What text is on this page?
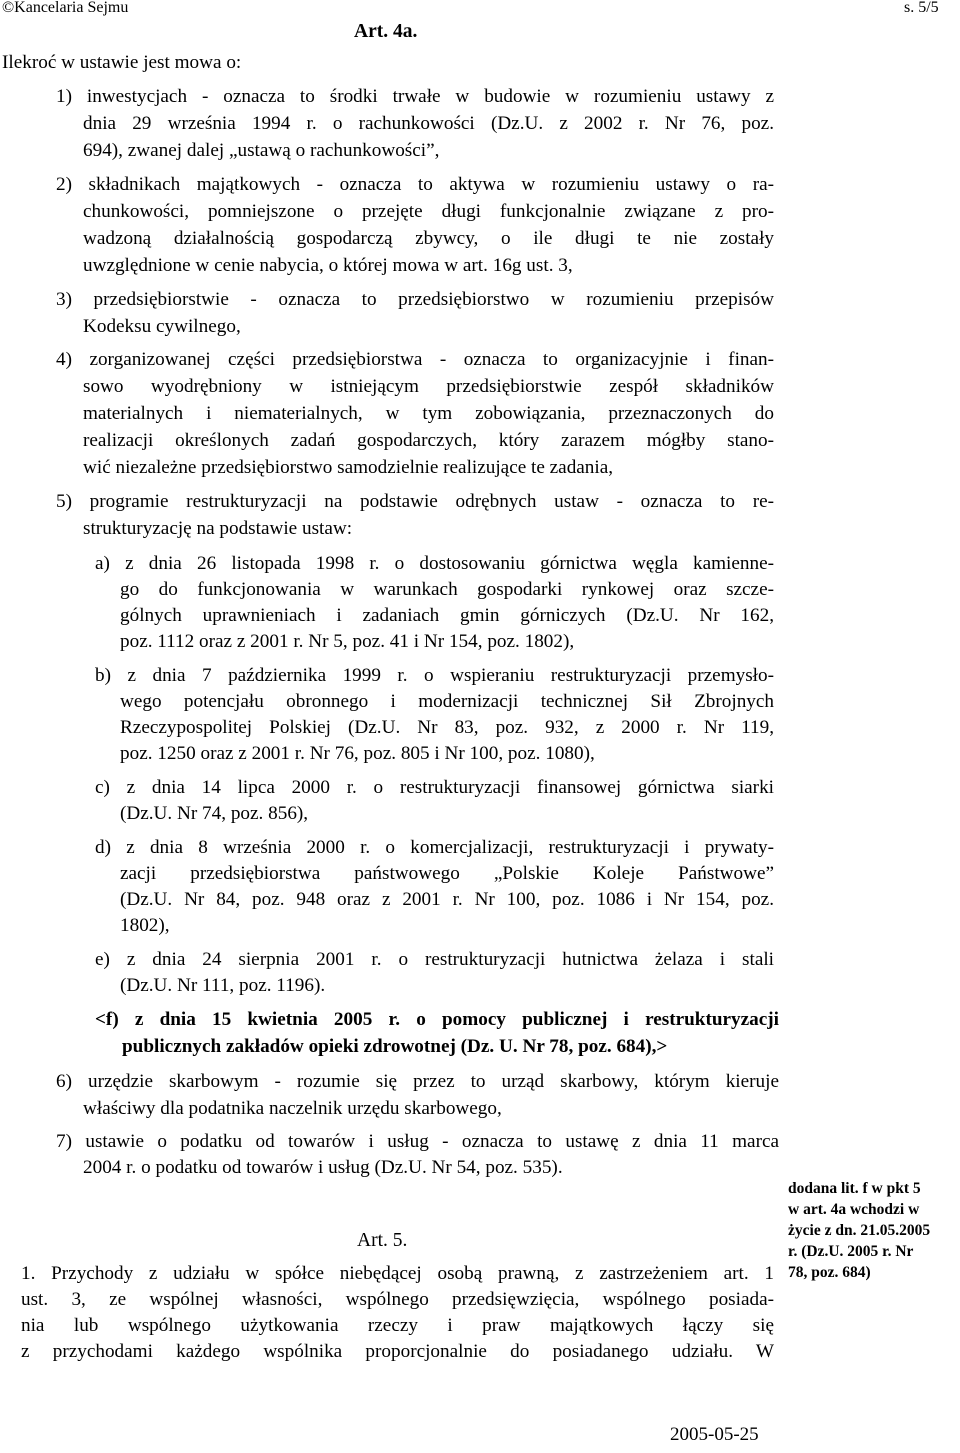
©Kancelaria Sejmu	s. 5/5
Art. 4a.
Ilekroć w ustawie jest mowa o:
1) inwestycjach - oznacza to środki trwałe w budowie w rozumieniu ustawy z
dnia 29 września 1994 r. o rachunkowości (Dz.U. z 2002 r. Nr 76, poz.
694), zwanej dalej „ustawą o rachunkowości”,
2) składnikach majątkowych - oznacza to aktywa w rozumieniu ustawy o ra-
chunkowości, pomniejszone o przejęte długi funkcjonalnie związane z pro-
wadzoną działalnością gospodarczą zbywcy, o ile długi te nie zostały
uwzględnione w cenie nabycia, o której mowa w art. 16g ust. 3,
3) przedsiębiorstwie - oznacza to przedsiębiorstwo w rozumieniu przepisów
Kodeksu cywilnego,
4) zorganizowanej części przedsiębiorstwa - oznacza to organizacyjnie i finan-
sowo wyodrębniony w istniejącym przedsiębiorstwie zespół składników
materialnych i niematerialnych, w tym zobowiązania, przeznaczonych do
realizacji określonych zadań gospodarczych, który zarazem mógłby stano-
wić niezależne przedsiębiorstwo samodzielnie realizujące te zadania,
5) programie restrukturyzacji na podstawie odrębnych ustaw - oznacza to re-
strukturyzację na podstawie ustaw:
a) z dnia 26 listopada 1998 r. o dostosowaniu górnictwa węgla kamienne-
go do funkcjonowania w warunkach gospodarki rynkowej oraz szcze-
gólnych uprawnieniach i zadaniach gmin górniczych (Dz.U. Nr 162,
poz. 1112 oraz z 2001 r. Nr 5, poz. 41 i Nr 154, poz. 1802),
b) z dnia 7 października 1999 r. o wspieraniu restrukturyzacji przemysło-
wego potencjału obronnego i modernizacji technicznej Sił Zbrojnych
Rzeczypospolitej Polskiej (Dz.U. Nr 83, poz. 932, z 2000 r. Nr 119,
poz. 1250 oraz z 2001 r. Nr 76, poz. 805 i Nr 100, poz. 1080),
c) z dnia 14 lipca 2000 r. o restrukturyzacji finansowej górnictwa siarki
(Dz.U. Nr 74, poz. 856),
d) z dnia 8 września 2000 r. o komercjalizacji, restrukturyzacji i prywaty-
zacji przedsiębiorstwa państwowego „Polskie Koleje Państwowe”
(Dz.U. Nr 84, poz. 948 oraz z 2001 r. Nr 100, poz. 1086 i Nr 154, poz.
1802),
e) z dnia 24 sierpnia 2001 r. o restrukturyzacji hutnictwa żelaza i stali
(Dz.U. Nr 111, poz. 1196).
<f) z dnia 15 kwietnia 2005 r. o pomocy publicznej i restrukturyzacji
publicznych zakładów opieki zdrowotnej (Dz. U. Nr 78, poz. 684),>
6) urzędzie skarbowym - rozumie się przez to urząd skarbowy, którym kieruje
właściwy dla podatnika naczelnik urzędu skarbowego,
7) ustawie o podatku od towarów i usług - oznacza to ustawę z dnia 11 marca
2004 r. o podatku od towarów i usług (Dz.U. Nr 54, poz. 535).
Art. 5.
1. Przychody z udziału w spółce niebędącej osobą prawną, z zastrzeżeniem art. 1
ust. 3, ze wspólnej własności, wspólnego przedsięwzięcia, wspólnego posiada-
nia lub wspólnego użytkowania rzeczy i praw majątkowych łączy się
z przychodami każdego wspólnika proporcjonalnie do posiadanego udziału. W
dodana lit. f w pkt 5
w art. 4a wchodzi w
życie z dn. 21.05.2005
r. (Dz.U. 2005 r. Nr
78, poz. 684)
2005-05-25
